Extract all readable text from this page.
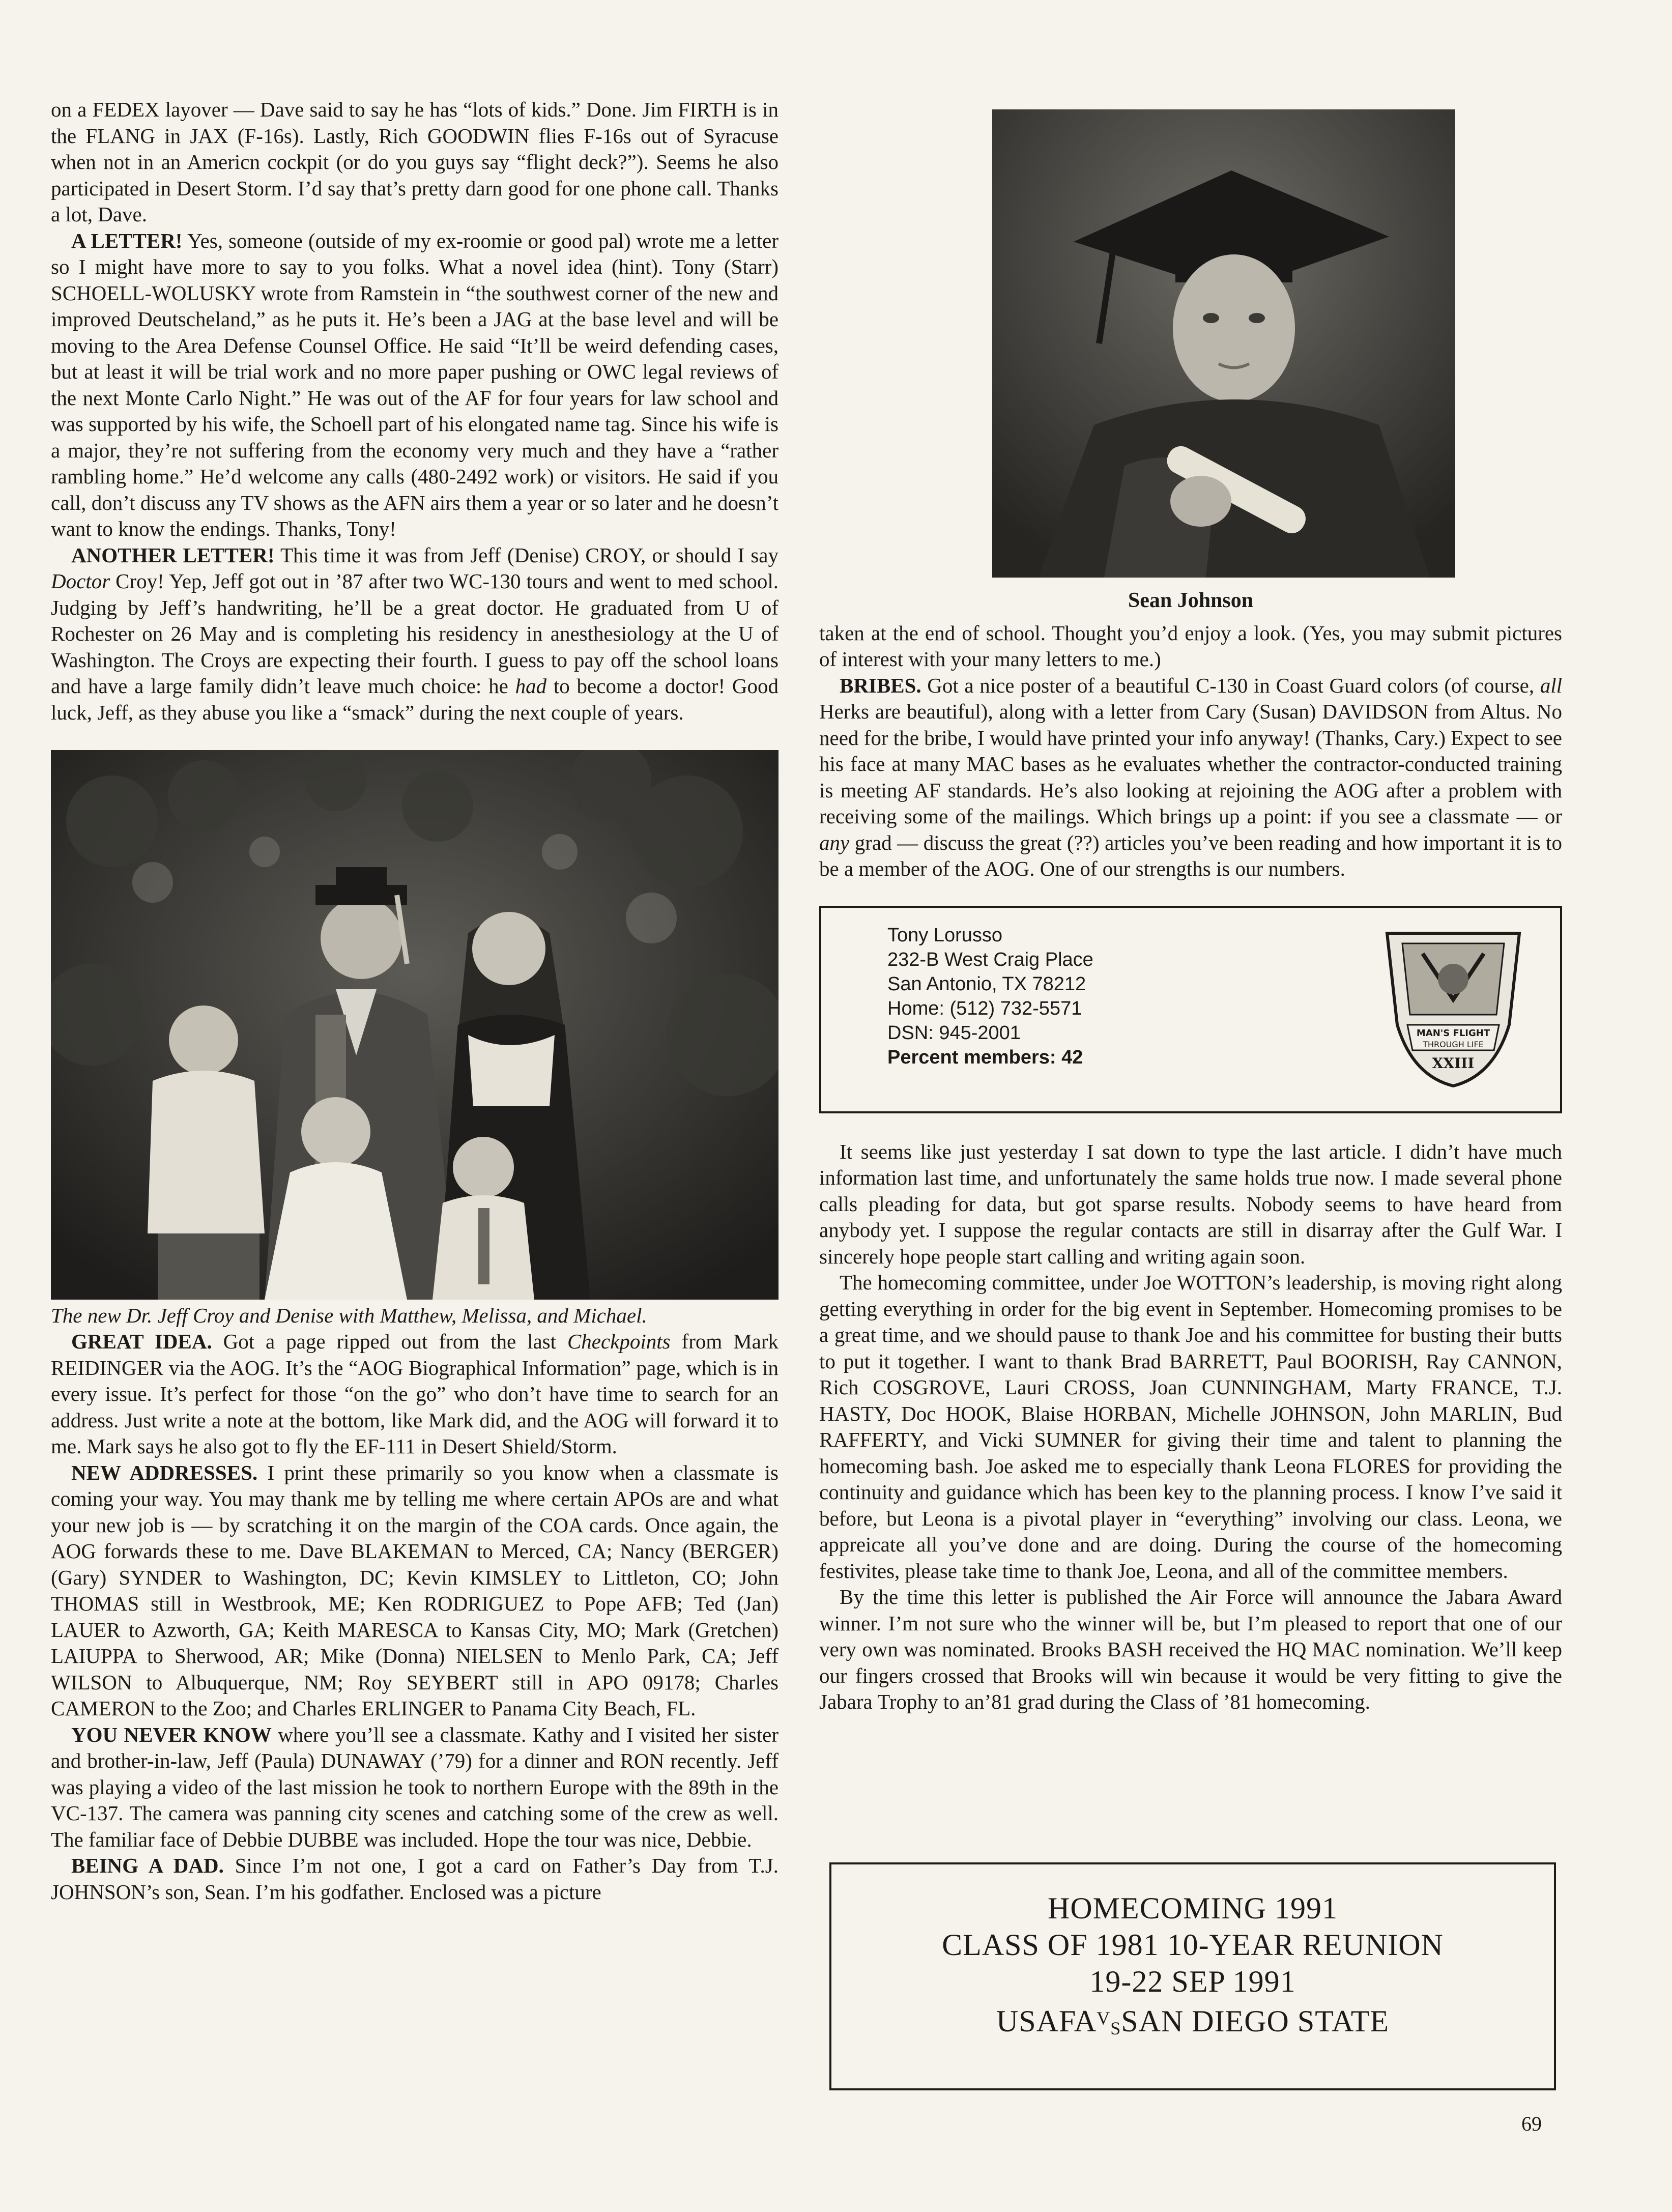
on a FEDEX layover — Dave said to say he has “lots of kids.” Done. Jim FIRTH is in the FLANG in JAX (F-16s). Lastly, Rich GOODWIN flies F-16s out of Syracuse when not in an Americn cockpit (or do you guys say “flight deck?”). Seems he also participated in Desert Storm. I’d say that’s pretty darn good for one phone call. Thanks a lot, Dave.

A LETTER! Yes, someone (outside of my ex-roomie or good pal) wrote me a letter so I might have more to say to you folks. What a novel idea (hint). Tony (Starr) SCHOELL-WOLUSKY wrote from Ramstein in “the southwest corner of the new and improved Deutscheland,” as he puts it. He’s been a JAG at the base level and will be moving to the Area Defense Counsel Office. He said “It’ll be weird defending cases, but at least it will be trial work and no more paper pushing or OWC legal reviews of the next Monte Carlo Night.” He was out of the AF for four years for law school and was supported by his wife, the Schoell part of his elongated name tag. Since his wife is a major, they’re not suffering from the economy very much and they have a “rather rambling home.” He’d welcome any calls (480-2492 work) or visitors. He said if you call, don’t discuss any TV shows as the AFN airs them a year or so later and he doesn’t want to know the endings. Thanks, Tony!

ANOTHER LETTER! This time it was from Jeff (Denise) CROY, or should I say Doctor Croy! Yep, Jeff got out in ’87 after two WC-130 tours and went to med school. Judging by Jeff’s handwriting, he’ll be a great doctor. He graduated from U of Rochester on 26 May and is completing his residency in anesthesiology at the U of Washington. The Croys are expecting their fourth. I guess to pay off the school loans and have a large family didn’t leave much choice: he had to become a doctor! Good luck, Jeff, as they abuse you like a “smack” during the next couple of years.

The new Dr. Jeff Croy and Denise with Matthew, Melissa, and Michael.

GREAT IDEA. Got a page ripped out from the last Checkpoints from Mark REIDINGER via the AOG. It’s the “AOG Biographical Information” page, which is in every issue. It’s perfect for those “on the go” who don’t have time to search for an address. Just write a note at the bottom, like Mark did, and the AOG will forward it to me. Mark says he also got to fly the EF-111 in Desert Shield/Storm.

NEW ADDRESSES. I print these primarily so you know when a classmate is coming your way. You may thank me by telling me where certain APOs are and what your new job is — by scratching it on the margin of the COA cards. Once again, the AOG forwards these to me. Dave BLAKEMAN to Merced, CA; Nancy (BERGER) (Gary) SYNDER to Washington, DC; Kevin KIMSLEY to Littleton, CO; John THOMAS still in Westbrook, ME; Ken RODRIGUEZ to Pope AFB; Ted (Jan) LAUER to Azworth, GA; Keith MARESCA to Kansas City, MO; Mark (Gretchen) LAIUPPA to Sherwood, AR; Mike (Donna) NIELSEN to Menlo Park, CA; Jeff WILSON to Albuquerque, NM; Roy SEYBERT still in APO 09178; Charles CAMERON to the Zoo; and Charles ERLINGER to Panama City Beach, FL.

YOU NEVER KNOW where you’ll see a classmate. Kathy and I visited her sister and brother-in-law, Jeff (Paula) DUNAWAY (’79) for a dinner and RON recently. Jeff was playing a video of the last mission he took to northern Europe with the 89th in the VC-137. The camera was panning city scenes and catching some of the crew as well. The familiar face of Debbie DUBBE was included. Hope the tour was nice, Debbie.

BEING A DAD. Since I’m not one, I got a card on Father’s Day from T.J. JOHNSON’s son, Sean. I’m his godfather. Enclosed was a picture

Sean Johnson

taken at the end of school. Thought you’d enjoy a look. (Yes, you may submit pictures of interest with your many letters to me.)

BRIBES. Got a nice poster of a beautiful C-130 in Coast Guard colors (of course, all Herks are beautiful), along with a letter from Cary (Susan) DAVIDSON from Altus. No need for the bribe, I would have printed your info anyway! (Thanks, Cary.) Expect to see his face at many MAC bases as he evaluates whether the contractor-conducted training is meeting AF standards. He’s also looking at rejoining the AOG after a problem with receiving some of the mailings. Which brings up a point: if you see a classmate — or any grad — discuss the great (??) articles you’ve been reading and how important it is to be a member of the AOG. One of our strengths is our numbers.

Tony Lorusso
232-B West Craig Place
San Antonio, TX 78212
Home: (512) 732-5571
DSN: 945-2001
Percent members: 42
MAN'S FLIGHT
THROUGH LIFE
XXIII

It seems like just yesterday I sat down to type the last article. I didn’t have much information last time, and unfortunately the same holds true now. I made several phone calls pleading for data, but got sparse results. Nobody seems to have heard from anybody yet. I suppose the regular contacts are still in disarray after the Gulf War. I sincerely hope people start calling and writing again soon.

The homecoming committee, under Joe WOTTON’s leadership, is moving right along getting everything in order for the big event in September. Homecoming promises to be a great time, and we should pause to thank Joe and his committee for busting their butts to put it together. I want to thank Brad BARRETT, Paul BOORISH, Ray CANNON, Rich COSGROVE, Lauri CROSS, Joan CUNNINGHAM, Marty FRANCE, T.J. HASTY, Doc HOOK, Blaise HORBAN, Michelle JOHNSON, John MARLIN, Bud RAFFERTY, and Vicki SUMNER for giving their time and talent to planning the homecoming bash. Joe asked me to especially thank Leona FLORES for providing the continuity and guidance which has been key to the planning process. I know I’ve said it before, but Leona is a pivotal player in “everything” involving our class. Leona, we appreicate all you’ve done and are doing. During the course of the homecoming festivites, please take time to thank Joe, Leona, and all of the committee members.

By the time this letter is published the Air Force will announce the Jabara Award winner. I’m not sure who the winner will be, but I’m pleased to report that one of our very own was nominated. Brooks BASH received the HQ MAC nomination. We’ll keep our fingers crossed that Brooks will win because it would be very fitting to give the Jabara Trophy to an’81 grad during the Class of ’81 homecoming.

HOMECOMING 1991
CLASS OF 1981 10-YEAR REUNION
19-22 SEP 1991
$USAFA^VSSAN$ DIEGO STATE
69
